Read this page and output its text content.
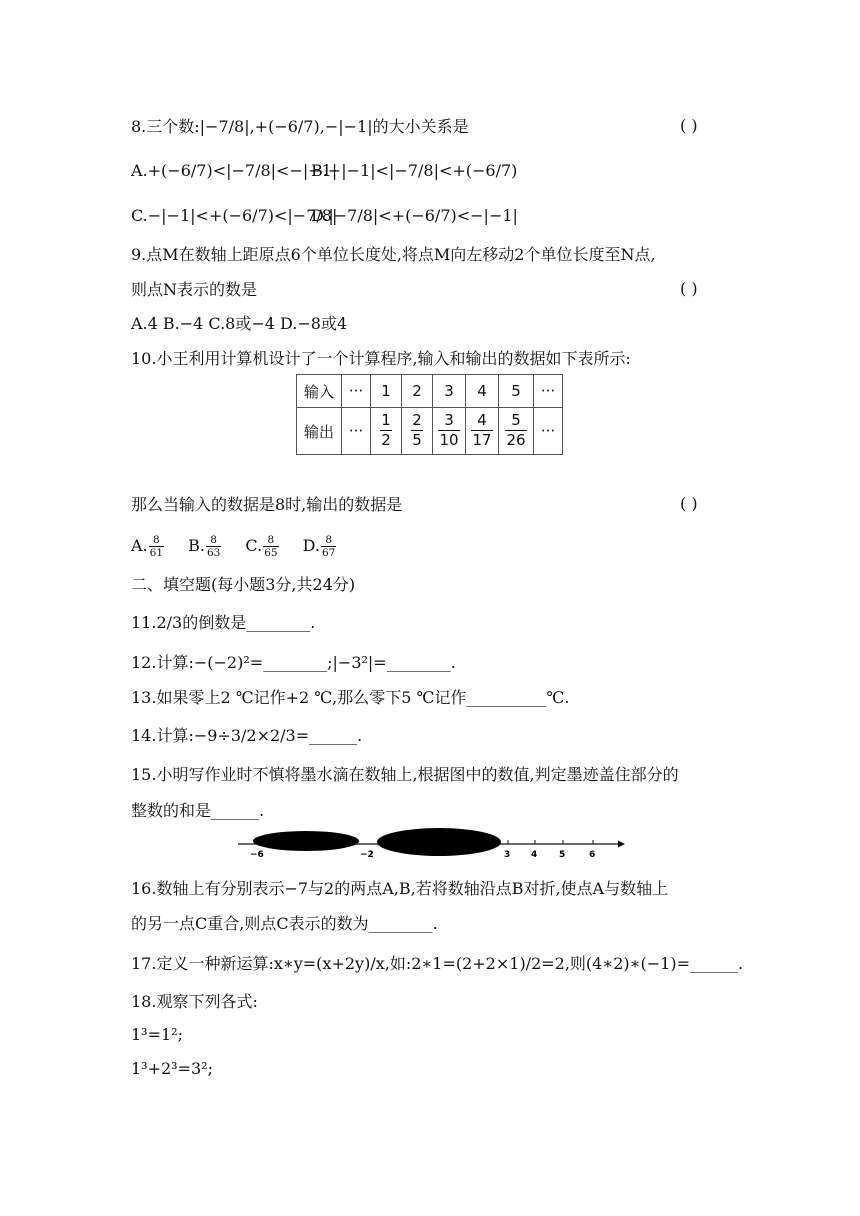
8.三个数:|−7/8|,+(−6/7),−|−1|的大小关系是	( )
A.+(−6/7)<|−7/8|<−|−1|
B.−|−1|<|−7/8|<+(−6/7)
C.−|−1|<+(−6/7)<|−7/8|
D.|−7/8|<+(−6/7)<−|−1|
9.点M在数轴上距原点6个单位长度处,将点M向左移动2个单位长度至N点,
则点N表示的数是	( )
A.4 B.−4 C.8或−4 D.−8或4
10.小王利用计算机设计了一个计算程序,输入和输出的数据如下表所示:
输入	···	1	2	3	4	5	···
输出	···	$\frac{1}{2}$	$\frac{2}{5}$	$\frac{3}{10}$	$\frac{4}{17}$	$\frac{5}{26}$	···
那么当输入的数据是8时,输出的数据是	( )
A. $\frac{8}{61} B$. $\frac{8}{63} C$. $\frac{8}{65} D$. $\frac{8}{67}$
二、填空题(每小题3分,共24分)
11.2/3的倒数是________.
12.计算:−(−2)²=________;|−3²|=________.
13.如果零上2 ℃记作+2 ℃,那么零下5 ℃记作__________℃.
14.计算:−9÷3/2×2/3=______.
15.小明写作业时不慎将墨水滴在数轴上,根据图中的数值,判定墨迹盖住部分的
整数的和是______.
−6	−2	3 4 5	6
16.数轴上有分别表示−7与2的两点A,B,若将数轴沿点B对折,使点A与数轴上
的另一点C重合,则点C表示的数为________.
17.定义一种新运算:x∗y=(x+2y)/x,如:2∗1=(2+2×1)/2=2,则(4∗2)∗(−1)=______.
18.观察下列各式:
1³=1²;
1³+2³=3²;
